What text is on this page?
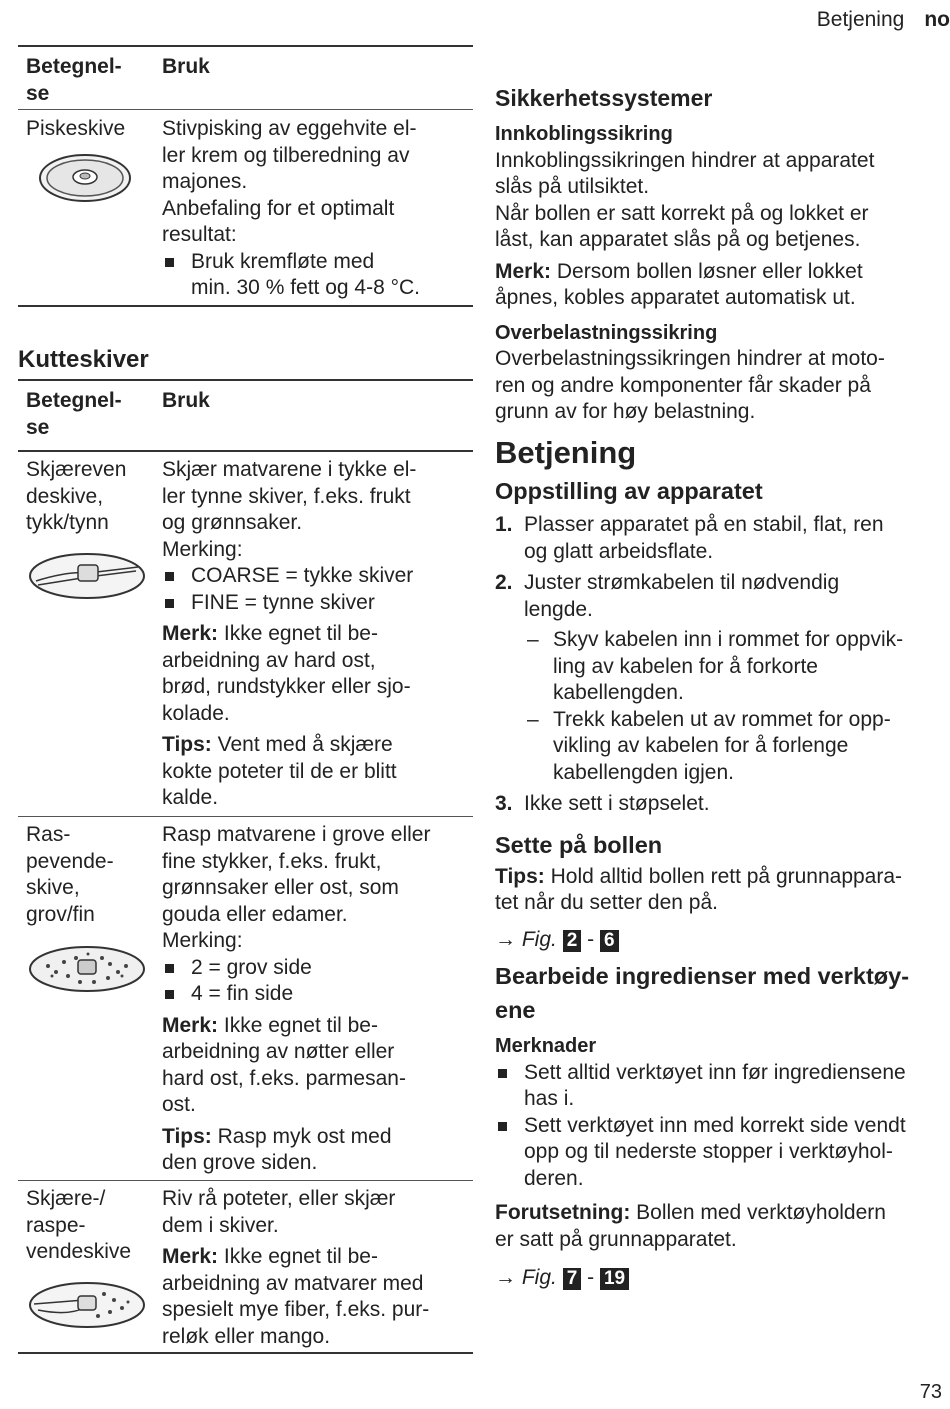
Betjening no
Betegnel-
se
Bruk
Piskeskive	Stivpisking av eggehvite el-
ler krem og tilberedning av
majones.
Anbefaling for et optimalt
resultat:
Bruk kremfløte med
min. 30 % fett og 4-8 °C.
Kutteskiver
Betegnel-
se
Bruk
Skjæreven
deskive,
tykk/tynn
Skjær matvarene i tykke el-
ler tynne skiver, f.eks. frukt
og grønnsaker.
Merking:
COARSE = tykke skiver
FINE = tynne skiver
Merk: Ikke egnet til be-
arbeidning av hard ost,
brød, rundstykker eller sjo-
kolade.
Tips: Vent med å skjære
kokte poteter til de er blitt
kalde.
Ras-
pevende-
skive,
grov/fin
Rasp matvarene i grove eller
fine stykker, f.eks. frukt,
grønnsaker eller ost, som
gouda eller edamer.
Merking:
2 = grov side
4 = fin side
Merk: Ikke egnet til be-
arbeidning av nøtter eller
hard ost, f.eks. parmesan-
ost.
Tips: Rasp myk ost med
den grove siden.
Skjære-/
raspe-
vendeskive
Riv rå poteter, eller skjær
dem i skiver.
Merk: Ikke egnet til be-
arbeidning av matvarer med
spesielt mye fiber, f.eks. pur-
reløk eller mango.
Sikkerhetssystemer
Innkoblingssikring

Innkoblingssikringen hindrer at apparatet

slås på utilsiktet.

Når bollen er satt korrekt på og lokket er

låst, kan apparatet slås på og betjenes.

Merk: Dersom bollen løsner eller lokket

åpnes, kobles apparatet automatisk ut.

Overbelastningssikring

Overbelastningssikringen hindrer at moto-

ren og andre komponenter får skader på

grunn av for høy belastning.

Betjening
Oppstilling av apparatet
1. Plasser apparatet på en stabil, flat, ren
og glatt arbeidsflate.
2. Juster strømkabelen til nødvendig
lengde.
– Skyv kabelen inn i rommet for oppvik-
ling av kabelen for å forkorte
kabellengden.
– Trekk kabelen ut av rommet for opp-
vikling av kabelen for å forlenge
kabellengden igjen.
3. Ikke sett i støpselet.
Sette på bollen

Tips: Hold alltid bollen rett på grunnappara-

tet når du setter den på.

→ Fig. 2 - 6

Bearbeide ingredienser med verktøy-
ene
Merknader
Sett alltid verktøyet inn før ingrediensene
has i.
Sett verktøyet inn med korrekt side vendt
opp og til nederste stopper i verktøyhol-
deren.

Forutsetning: Bollen med verktøyholdern

er satt på grunnapparatet.

→ Fig. 7 - 19

73
